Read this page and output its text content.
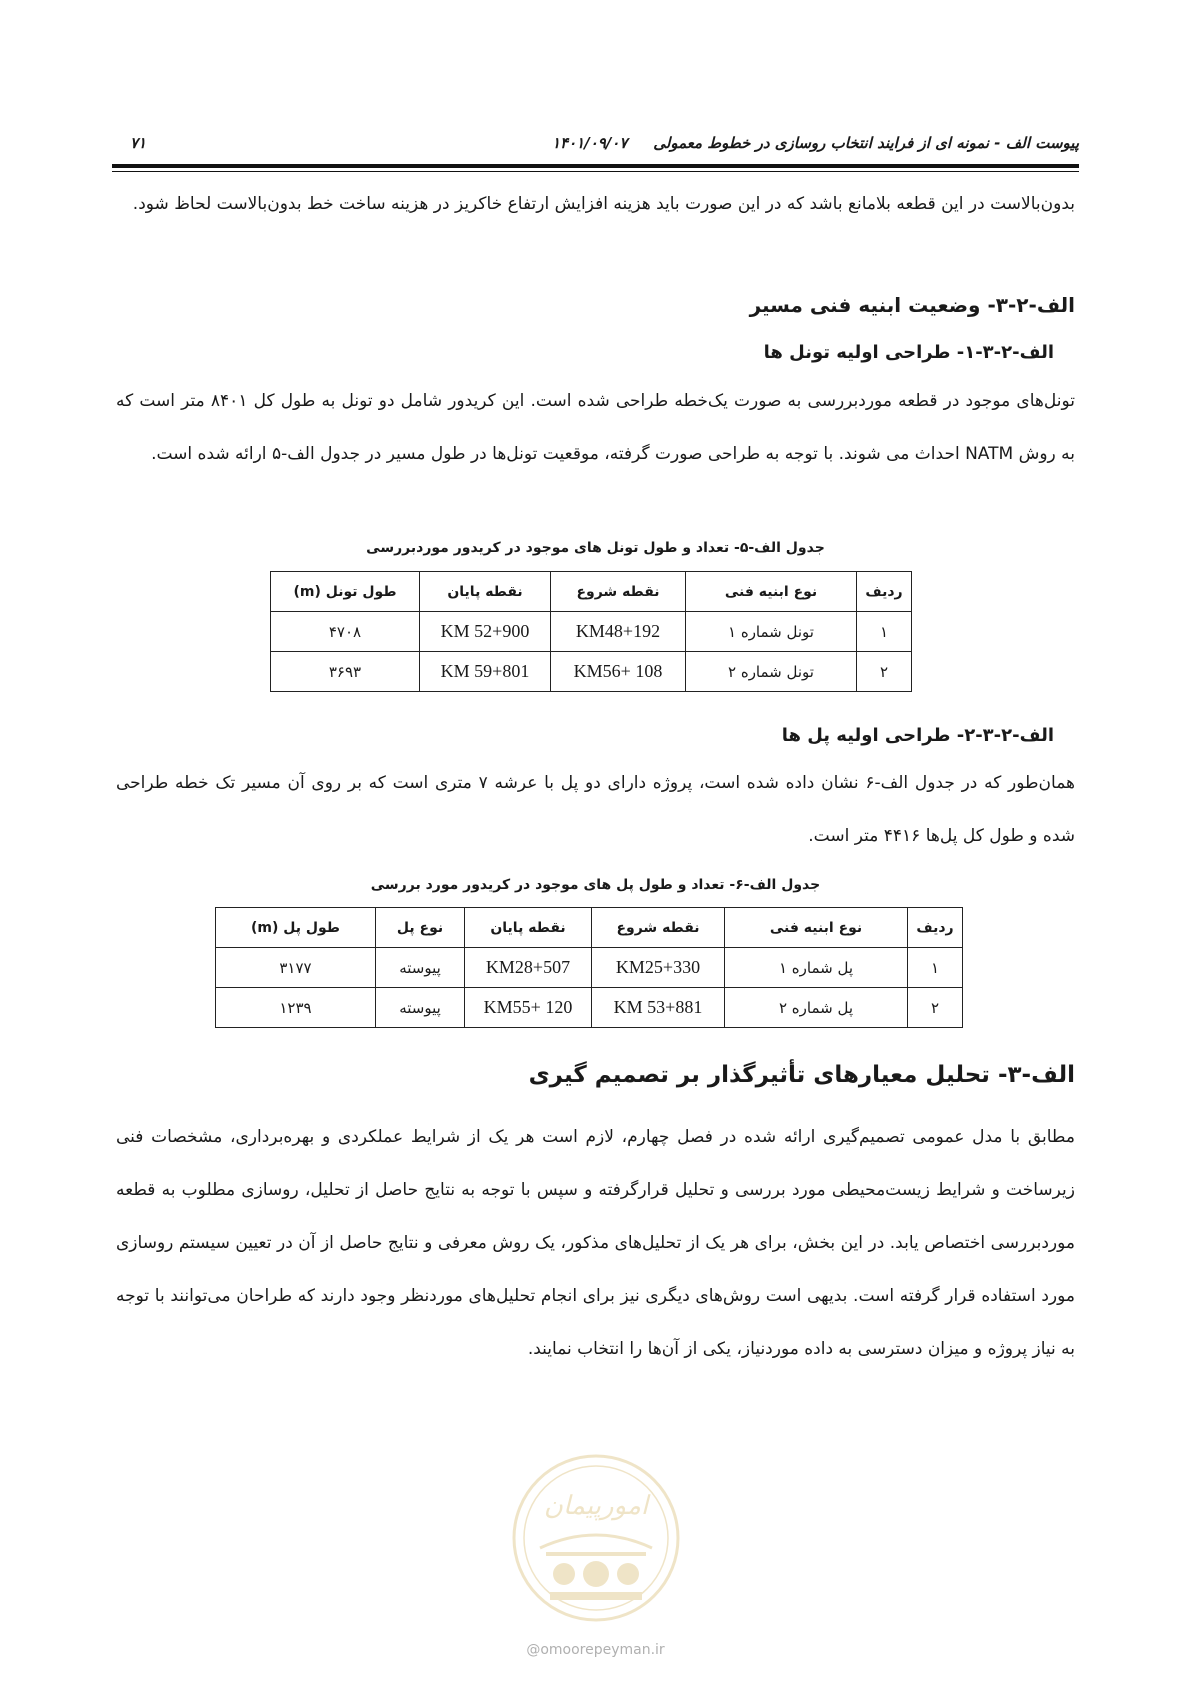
پیوست الف - نمونه ای از فرایند انتخاب روسازی در خطوط معمولی
۱۴۰۱/۰۹/۰۷
۷۱

بدون‌بالاست در این قطعه بلامانع باشد که در این صورت باید هزینه افزایش ارتفاع خاکریز در هزینه ساخت خط بدون‌بالاست لحاظ شود.

الف-۲-۳- وضعیت ابنیه فنی مسیر
الف-۲-۳-۱- طراحی اولیه تونل ها

تونل‌های موجود در قطعه موردبررسی به صورت یک‌خطه طراحی شده است. این کریدور شامل دو تونل به طول کل ۸۴۰۱ متر است که به روش NATM احداث می شوند. با توجه به طراحی صورت گرفته، موقعیت تونل‌ها در طول مسیر در جدول الف-۵ ارائه شده است.

جدول الف-۵- تعداد و طول تونل های موجود در کریدور موردبررسی

ردیف	نوع ابنیه فنی	نقطه شروع	نقطه پایان	طول تونل (m)
۱	تونل شماره ۱	KM48+192	KM 52+900	۴۷۰۸
۲	تونل شماره ۲	KM56+ 108	KM 59+801	۳۶۹۳
الف-۲-۳-۲- طراحی اولیه پل ها

همان‌طور که در جدول الف-۶ نشان داده شده است، پروژه دارای دو پل با عرشه ۷ متری است که بر روی آن مسیر تک خطه طراحی شده و طول کل پل‌ها ۴۴۱۶ متر است.

جدول الف-۶- تعداد و طول پل های موجود در کریدور مورد بررسی

ردیف	نوع ابنیه فنی	نقطه شروع	نقطه پایان	نوع پل	طول پل (m)
۱	پل شماره ۱	KM25+330	KM28+507	پیوسته	۳۱۷۷
۲	پل شماره ۲	KM 53+881	KM55+ 120	پیوسته	۱۲۳۹
الف-۳- تحلیل معیارهای تأثیرگذار بر تصمیم گیری

مطابق با مدل عمومی تصمیم‌گیری ارائه شده در فصل چهارم، لازم است هر یک از شرایط عملکردی و بهره‌برداری، مشخصات فنی زیرساخت و شرایط زیست‌محیطی مورد بررسی و تحلیل قرارگرفته و سپس با توجه به نتایج حاصل از تحلیل، روسازی مطلوب به قطعه موردبررسی اختصاص یابد. در این بخش، برای هر یک از تحلیل‌های مذکور، یک روش معرفی و نتایج حاصل از آن در تعیین سیستم روسازی مورد استفاده قرار گرفته است. بدیهی است روش‌های دیگری نیز برای انجام تحلیل‌های موردنظر وجود دارند که طراحان می‌توانند با توجه به نیاز پروژه و میزان دسترسی به داده موردنیاز، یکی از آن‌ها را انتخاب نمایند.

امورپیمان
@omoorepeyman.ir
